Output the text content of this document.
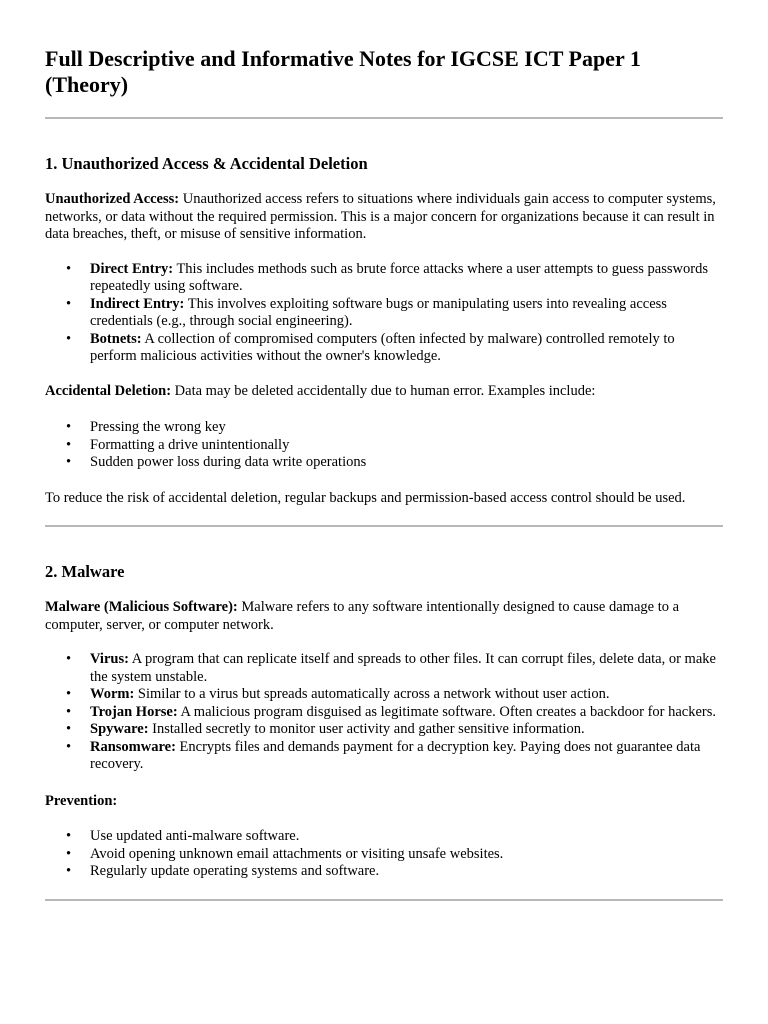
Full Descriptive and Informative Notes for IGCSE ICT Paper 1 (Theory)
1. Unauthorized Access & Accidental Deletion

Unauthorized Access: Unauthorized access refers to situations where individuals gain access to computer systems, networks, or data without the required permission. This is a major concern for organizations because it can result in data breaches, theft, or misuse of sensitive information.

• Direct Entry: This includes methods such as brute force attacks where a user attempts to guess passwords repeatedly using software.
• Indirect Entry: This involves exploiting software bugs or manipulating users into revealing access credentials (e.g., through social engineering).
• Botnets: A collection of compromised computers (often infected by malware) controlled remotely to perform malicious activities without the owner's knowledge.

Accidental Deletion: Data may be deleted accidentally due to human error. Examples include:

• Pressing the wrong key
• Formatting a drive unintentionally
• Sudden power loss during data write operations

To reduce the risk of accidental deletion, regular backups and permission-based access control should be used.

2. Malware

Malware (Malicious Software): Malware refers to any software intentionally designed to cause damage to a computer, server, or computer network.

• Virus: A program that can replicate itself and spreads to other files. It can corrupt files, delete data, or make the system unstable.
• Worm: Similar to a virus but spreads automatically across a network without user action.
• Trojan Horse: A malicious program disguised as legitimate software. Often creates a backdoor for hackers.
• Spyware: Installed secretly to monitor user activity and gather sensitive information.
• Ransomware: Encrypts files and demands payment for a decryption key. Paying does not guarantee data recovery.

Prevention:

• Use updated anti-malware software.
• Avoid opening unknown email attachments or visiting unsafe websites.
• Regularly update operating systems and software.
